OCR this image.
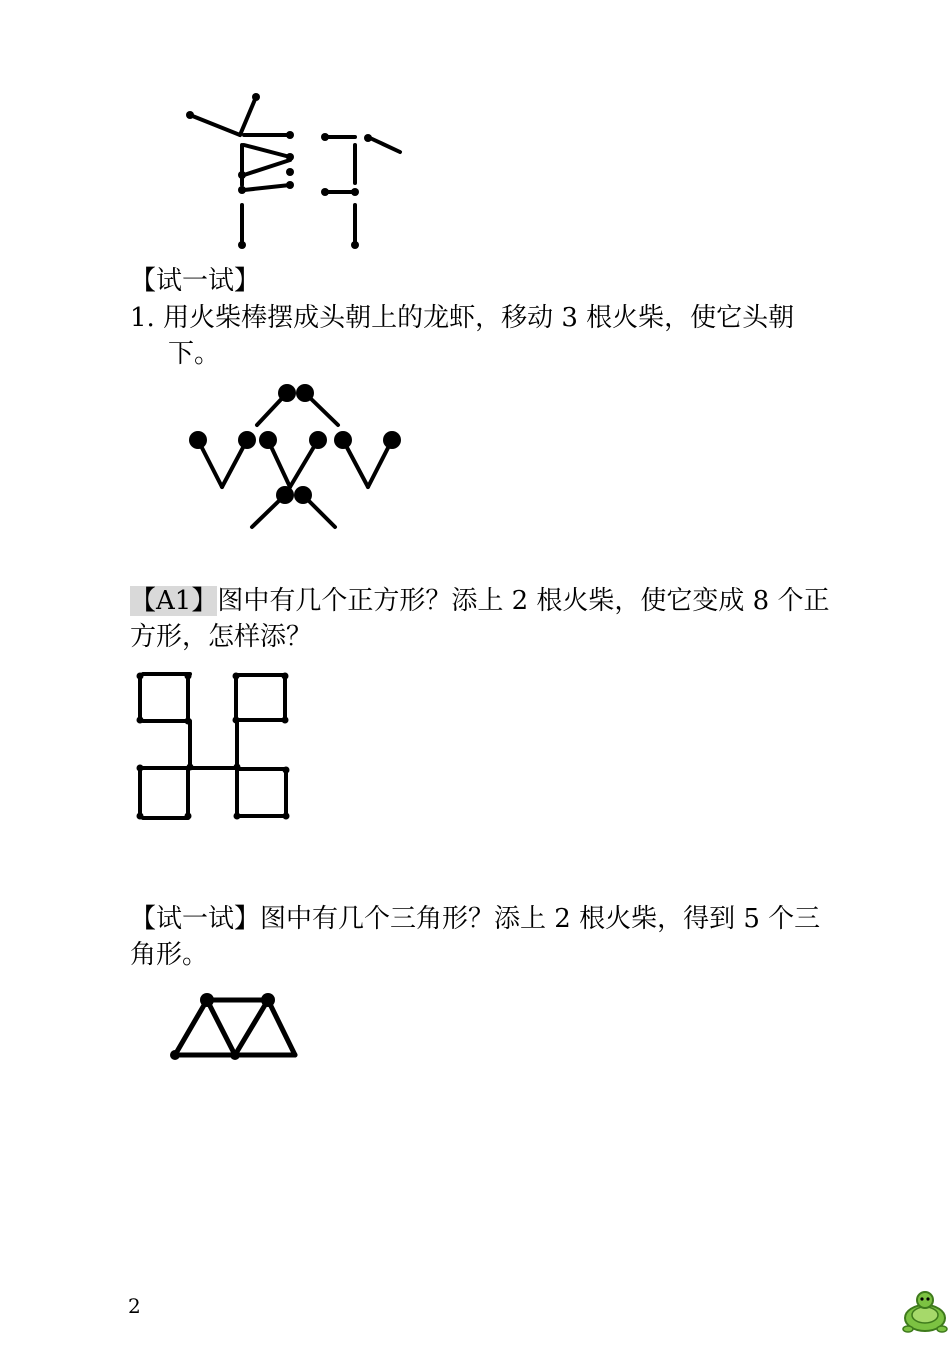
【试一试】

1. 用火柴棒摆成头朝上的龙虾，移动 3 根火柴，使它头朝
下。
【A1】图中有几个正方形？添上 2 根火柴，使它变成 8 个正
方形，怎样添？
【试一试】图中有几个三角形？添上 2 根火柴，得到 5 个三
角形。
2
